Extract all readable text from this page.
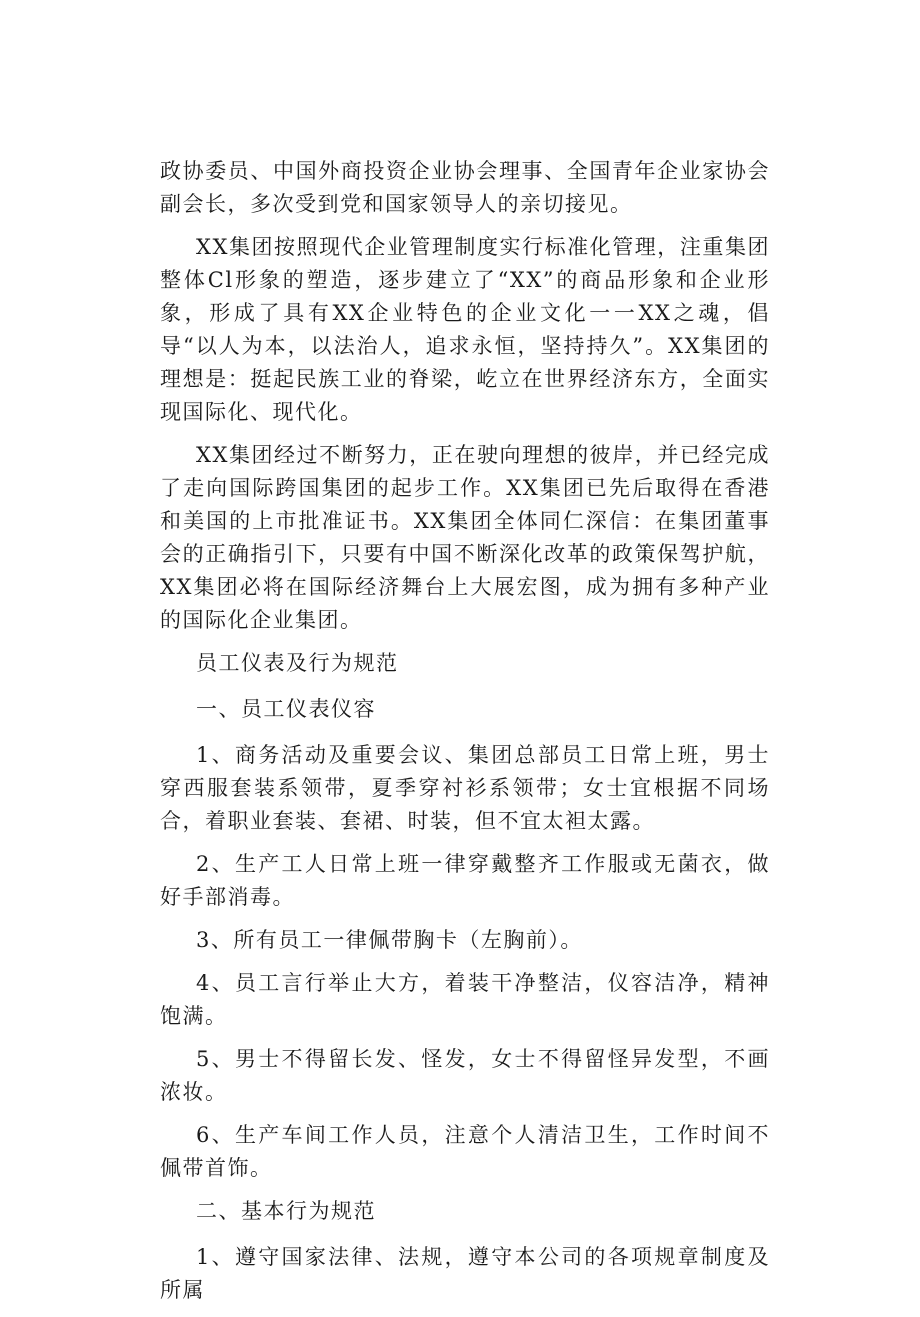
政协委员、中国外商投资企业协会理事、全国青年企业家协会副会长，多次受到党和国家领导人的亲切接见。

XX集团按照现代企业管理制度实行标准化管理，注重集团整体Cl形象的塑造，逐步建立了“XX”的商品形象和企业形象，形成了具有XX企业特色的企业文化一一XX之魂，倡导“以人为本，以法治人，追求永恒，坚持持久”。XX集团的理想是：挺起民族工业的脊梁，屹立在世界经济东方，全面实现国际化、现代化。

XX集团经过不断努力，正在驶向理想的彼岸，并已经完成了走向国际跨国集团的起步工作。XX集团已先后取得在香港和美国的上市批准证书。XX集团全体同仁深信：在集团董事会的正确指引下，只要有中国不断深化改革的政策保驾护航，XX集团必将在国际经济舞台上大展宏图，成为拥有多种产业的国际化企业集团。

员工仪表及行为规范

一、员工仪表仪容

1、商务活动及重要会议、集团总部员工日常上班，男士穿西服套装系领带，夏季穿衬衫系领带；女士宜根据不同场合，着职业套装、套裙、时装，但不宜太袒太露。

2、生产工人日常上班一律穿戴整齐工作服或无菌衣，做好手部消毒。

3、所有员工一律佩带胸卡（左胸前）。

4、员工言行举止大方，着装干净整洁，仪容洁净，精神饱满。

5、男士不得留长发、怪发，女士不得留怪异发型，不画浓妆。

6、生产车间工作人员，注意个人清洁卫生，工作时间不佩带首饰。

二、基本行为规范

1、遵守国家法律、法规，遵守本公司的各项规章制度及所属
